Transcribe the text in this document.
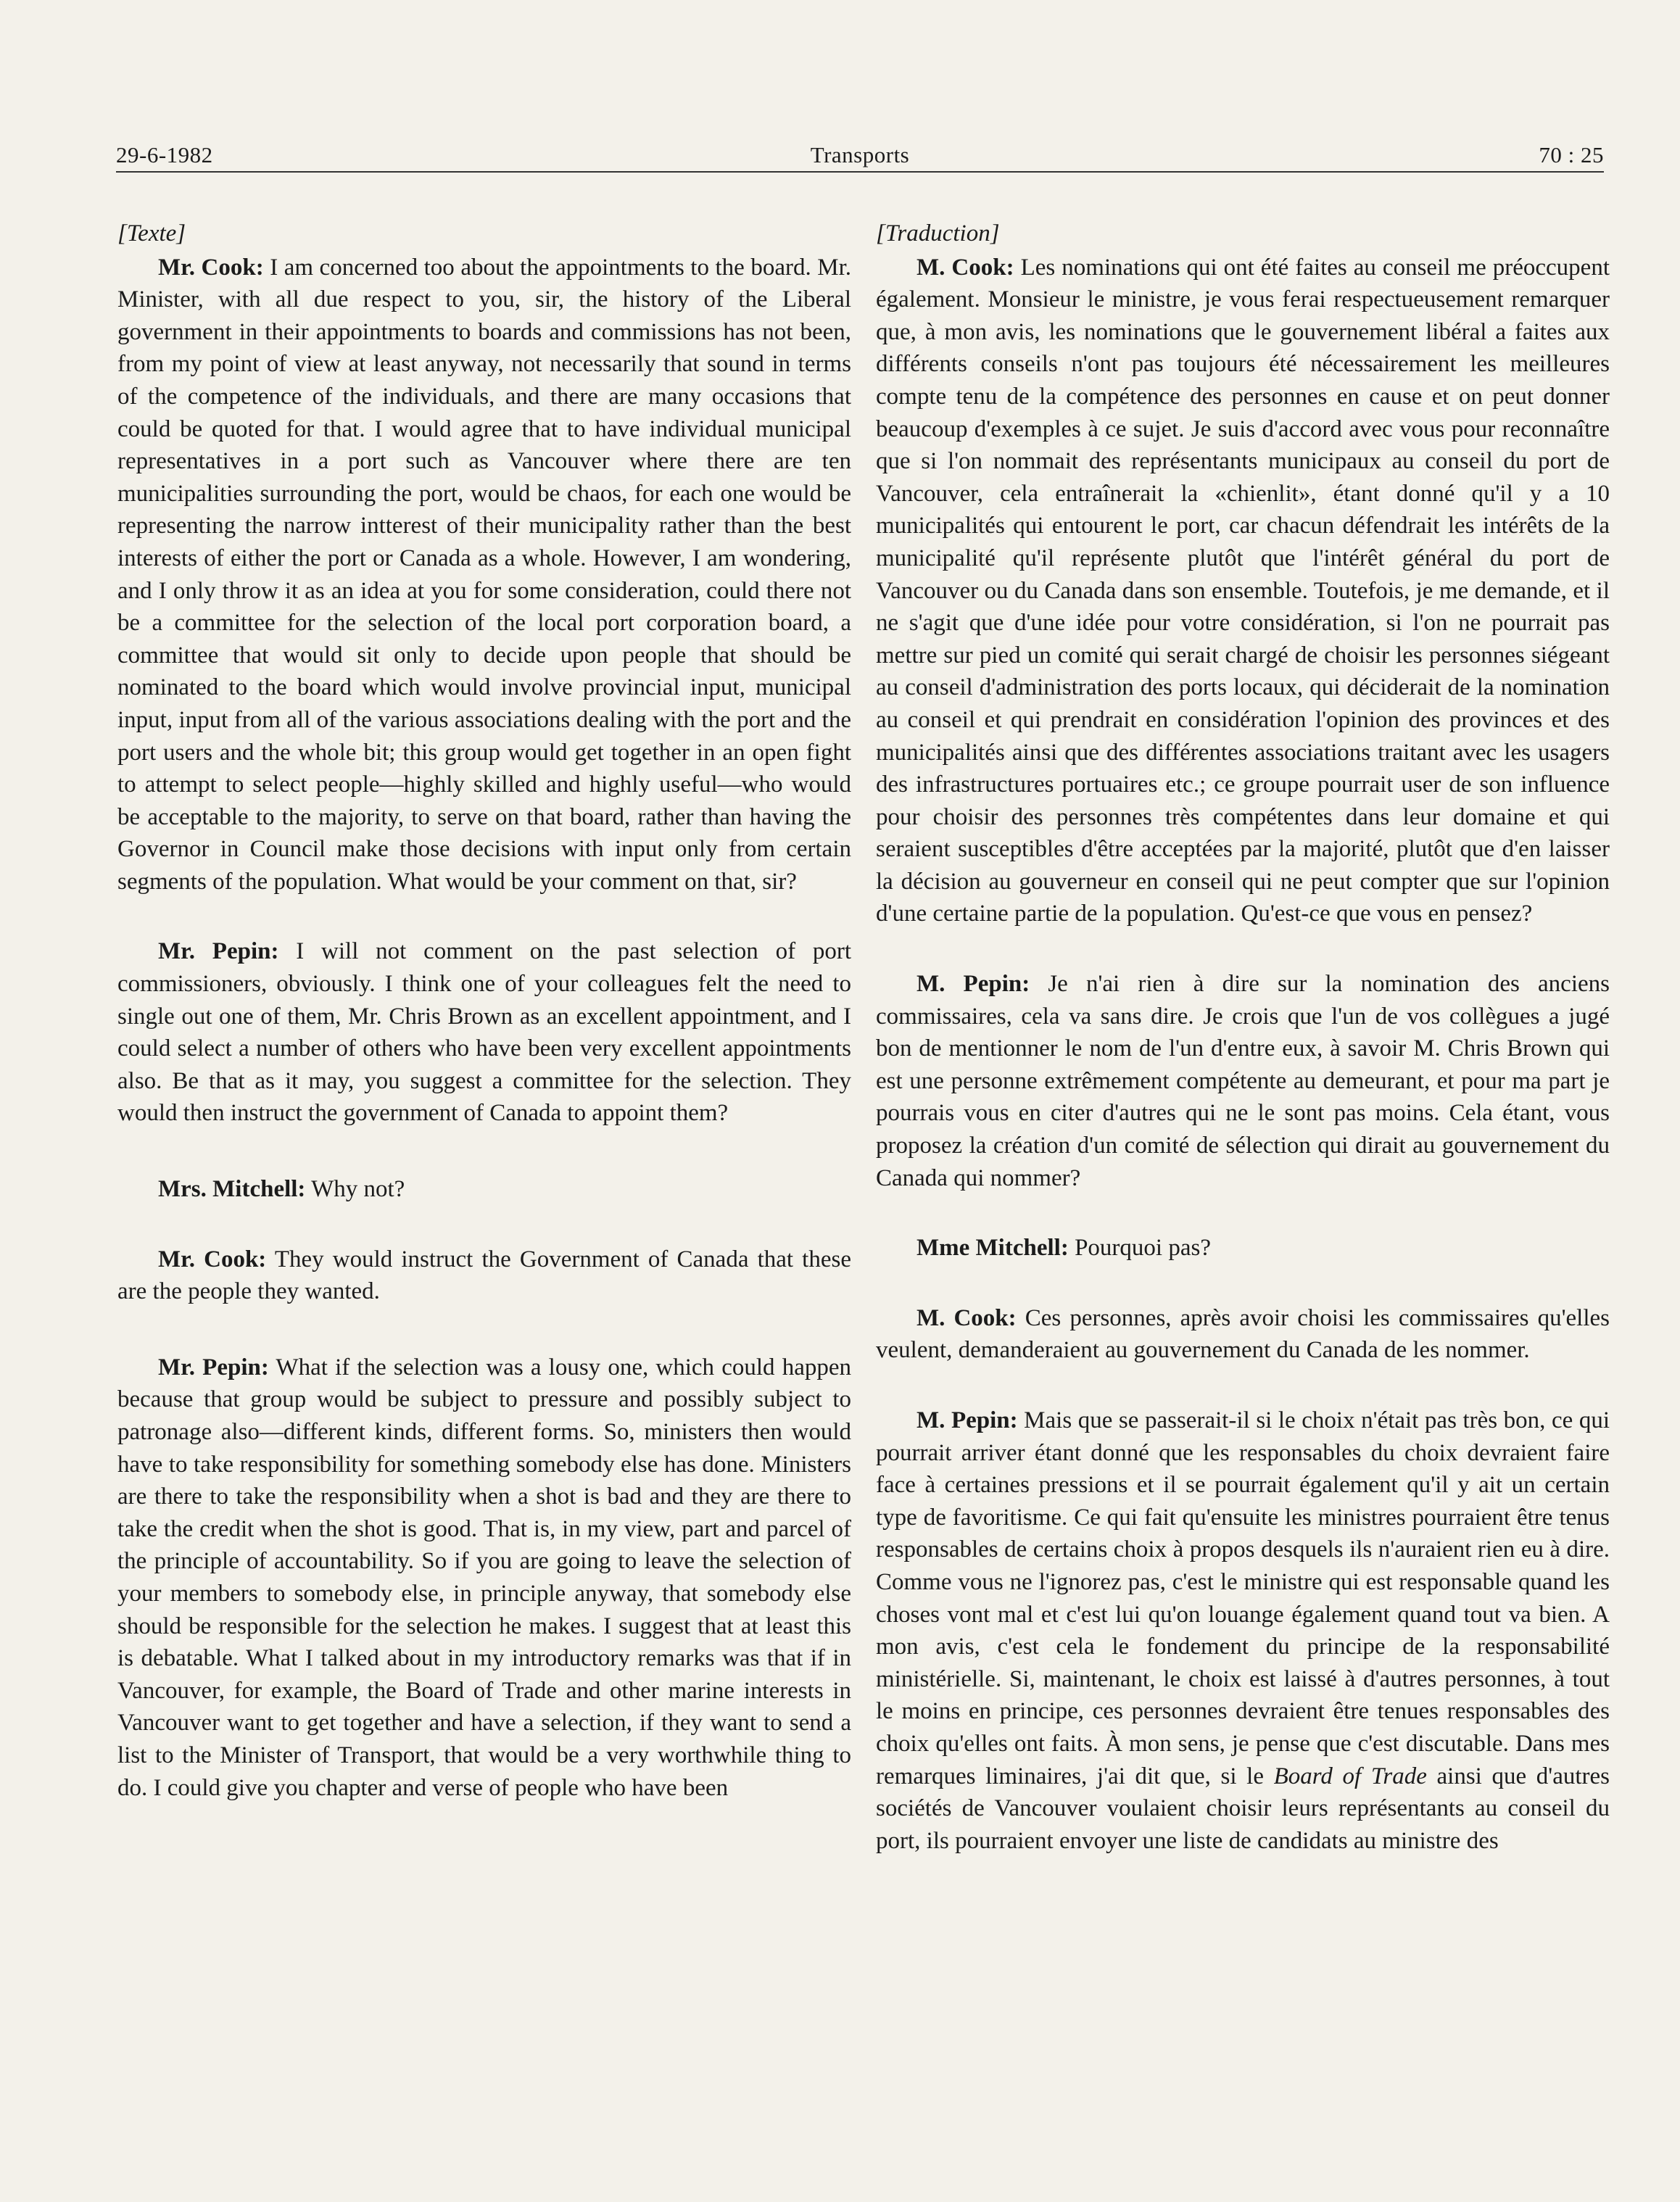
29-6-1982	Transports	70 : 25

[Texte]

Mr. Cook: I am concerned too about the appointments to the board. Mr. Minister, with all due respect to you, sir, the history of the Liberal government in their appointments to boards and commissions has not been, from my point of view at least anyway, not necessarily that sound in terms of the competence of the individuals, and there are many occasions that could be quoted for that. I would agree that to have individual municipal representatives in a port such as Vancouver where there are ten municipalities surrounding the port, would be chaos, for each one would be representing the narrow intterest of their municipality rather than the best interests of either the port or Canada as a whole. However, I am wondering, and I only throw it as an idea at you for some consideration, could there not be a committee for the selection of the local port corporation board, a committee that would sit only to decide upon people that should be nominated to the board which would involve provincial input, municipal input, input from all of the various associations dealing with the port and the port users and the whole bit; this group would get together in an open fight to attempt to select people—highly skilled and highly useful—who would be acceptable to the majority, to serve on that board, rather than having the Governor in Council make those decisions with input only from certain segments of the population. What would be your comment on that, sir?

Mr. Pepin: I will not comment on the past selection of port commissioners, obviously. I think one of your colleagues felt the need to single out one of them, Mr. Chris Brown as an excellent appointment, and I could select a number of others who have been very excellent appointments also. Be that as it may, you suggest a committee for the selection. They would then instruct the government of Canada to appoint them?

Mrs. Mitchell: Why not?

Mr. Cook: They would instruct the Government of Canada that these are the people they wanted.

Mr. Pepin: What if the selection was a lousy one, which could happen because that group would be subject to pressure and possibly subject to patronage also—different kinds, different forms. So, ministers then would have to take responsibility for something somebody else has done. Ministers are there to take the responsibility when a shot is bad and they are there to take the credit when the shot is good. That is, in my view, part and parcel of the principle of accountability. So if you are going to leave the selection of your members to somebody else, in principle anyway, that somebody else should be responsible for the selection he makes. I suggest that at least this is debatable. What I talked about in my introductory remarks was that if in Vancouver, for example, the Board of Trade and other marine interests in Vancouver want to get together and have a selection, if they want to send a list to the Minister of Transport, that would be a very worthwhile thing to do. I could give you chapter and verse of people who have been

[Traduction]

M. Cook: Les nominations qui ont été faites au conseil me préoccupent également. Monsieur le ministre, je vous ferai respectueusement remarquer que, à mon avis, les nominations que le gouvernement libéral a faites aux différents conseils n'ont pas toujours été nécessairement les meilleures compte tenu de la compétence des personnes en cause et on peut donner beaucoup d'exemples à ce sujet. Je suis d'accord avec vous pour reconnaître que si l'on nommait des représentants municipaux au conseil du port de Vancouver, cela entraînerait la «chienlit», étant donné qu'il y a 10 municipalités qui entourent le port, car chacun défendrait les intérêts de la municipalité qu'il représente plutôt que l'intérêt général du port de Vancouver ou du Canada dans son ensemble. Toutefois, je me demande, et il ne s'agit que d'une idée pour votre considération, si l'on ne pourrait pas mettre sur pied un comité qui serait chargé de choisir les personnes siégeant au conseil d'administration des ports locaux, qui déciderait de la nomination au conseil et qui prendrait en considération l'opinion des provinces et des municipalités ainsi que des différentes associations traitant avec les usagers des infrastructures portuaires etc.; ce groupe pourrait user de son influence pour choisir des personnes très compétentes dans leur domaine et qui seraient susceptibles d'être acceptées par la majorité, plutôt que d'en laisser la décision au gouverneur en conseil qui ne peut compter que sur l'opinion d'une certaine partie de la population. Qu'est-ce que vous en pensez?

M. Pepin: Je n'ai rien à dire sur la nomination des anciens commissaires, cela va sans dire. Je crois que l'un de vos collègues a jugé bon de mentionner le nom de l'un d'entre eux, à savoir M. Chris Brown qui est une personne extrêmement compétente au demeurant, et pour ma part je pourrais vous en citer d'autres qui ne le sont pas moins. Cela étant, vous proposez la création d'un comité de sélection qui dirait au gouvernement du Canada qui nommer?

Mme Mitchell: Pourquoi pas?

M. Cook: Ces personnes, après avoir choisi les commissaires qu'elles veulent, demanderaient au gouvernement du Canada de les nommer.

M. Pepin: Mais que se passerait-il si le choix n'était pas très bon, ce qui pourrait arriver étant donné que les responsables du choix devraient faire face à certaines pressions et il se pourrait également qu'il y ait un certain type de favoritisme. Ce qui fait qu'ensuite les ministres pourraient être tenus responsables de certains choix à propos desquels ils n'auraient rien eu à dire. Comme vous ne l'ignorez pas, c'est le ministre qui est responsable quand les choses vont mal et c'est lui qu'on louange également quand tout va bien. A mon avis, c'est cela le fondement du principe de la responsabilité ministérielle. Si, maintenant, le choix est laissé à d'autres personnes, à tout le moins en principe, ces personnes devraient être tenues responsables des choix qu'elles ont faits. À mon sens, je pense que c'est discutable. Dans mes remarques liminaires, j'ai dit que, si le Board of Trade ainsi que d'autres sociétés de Vancouver voulaient choisir leurs représentants au conseil du port, ils pourraient envoyer une liste de candidats au ministre des
